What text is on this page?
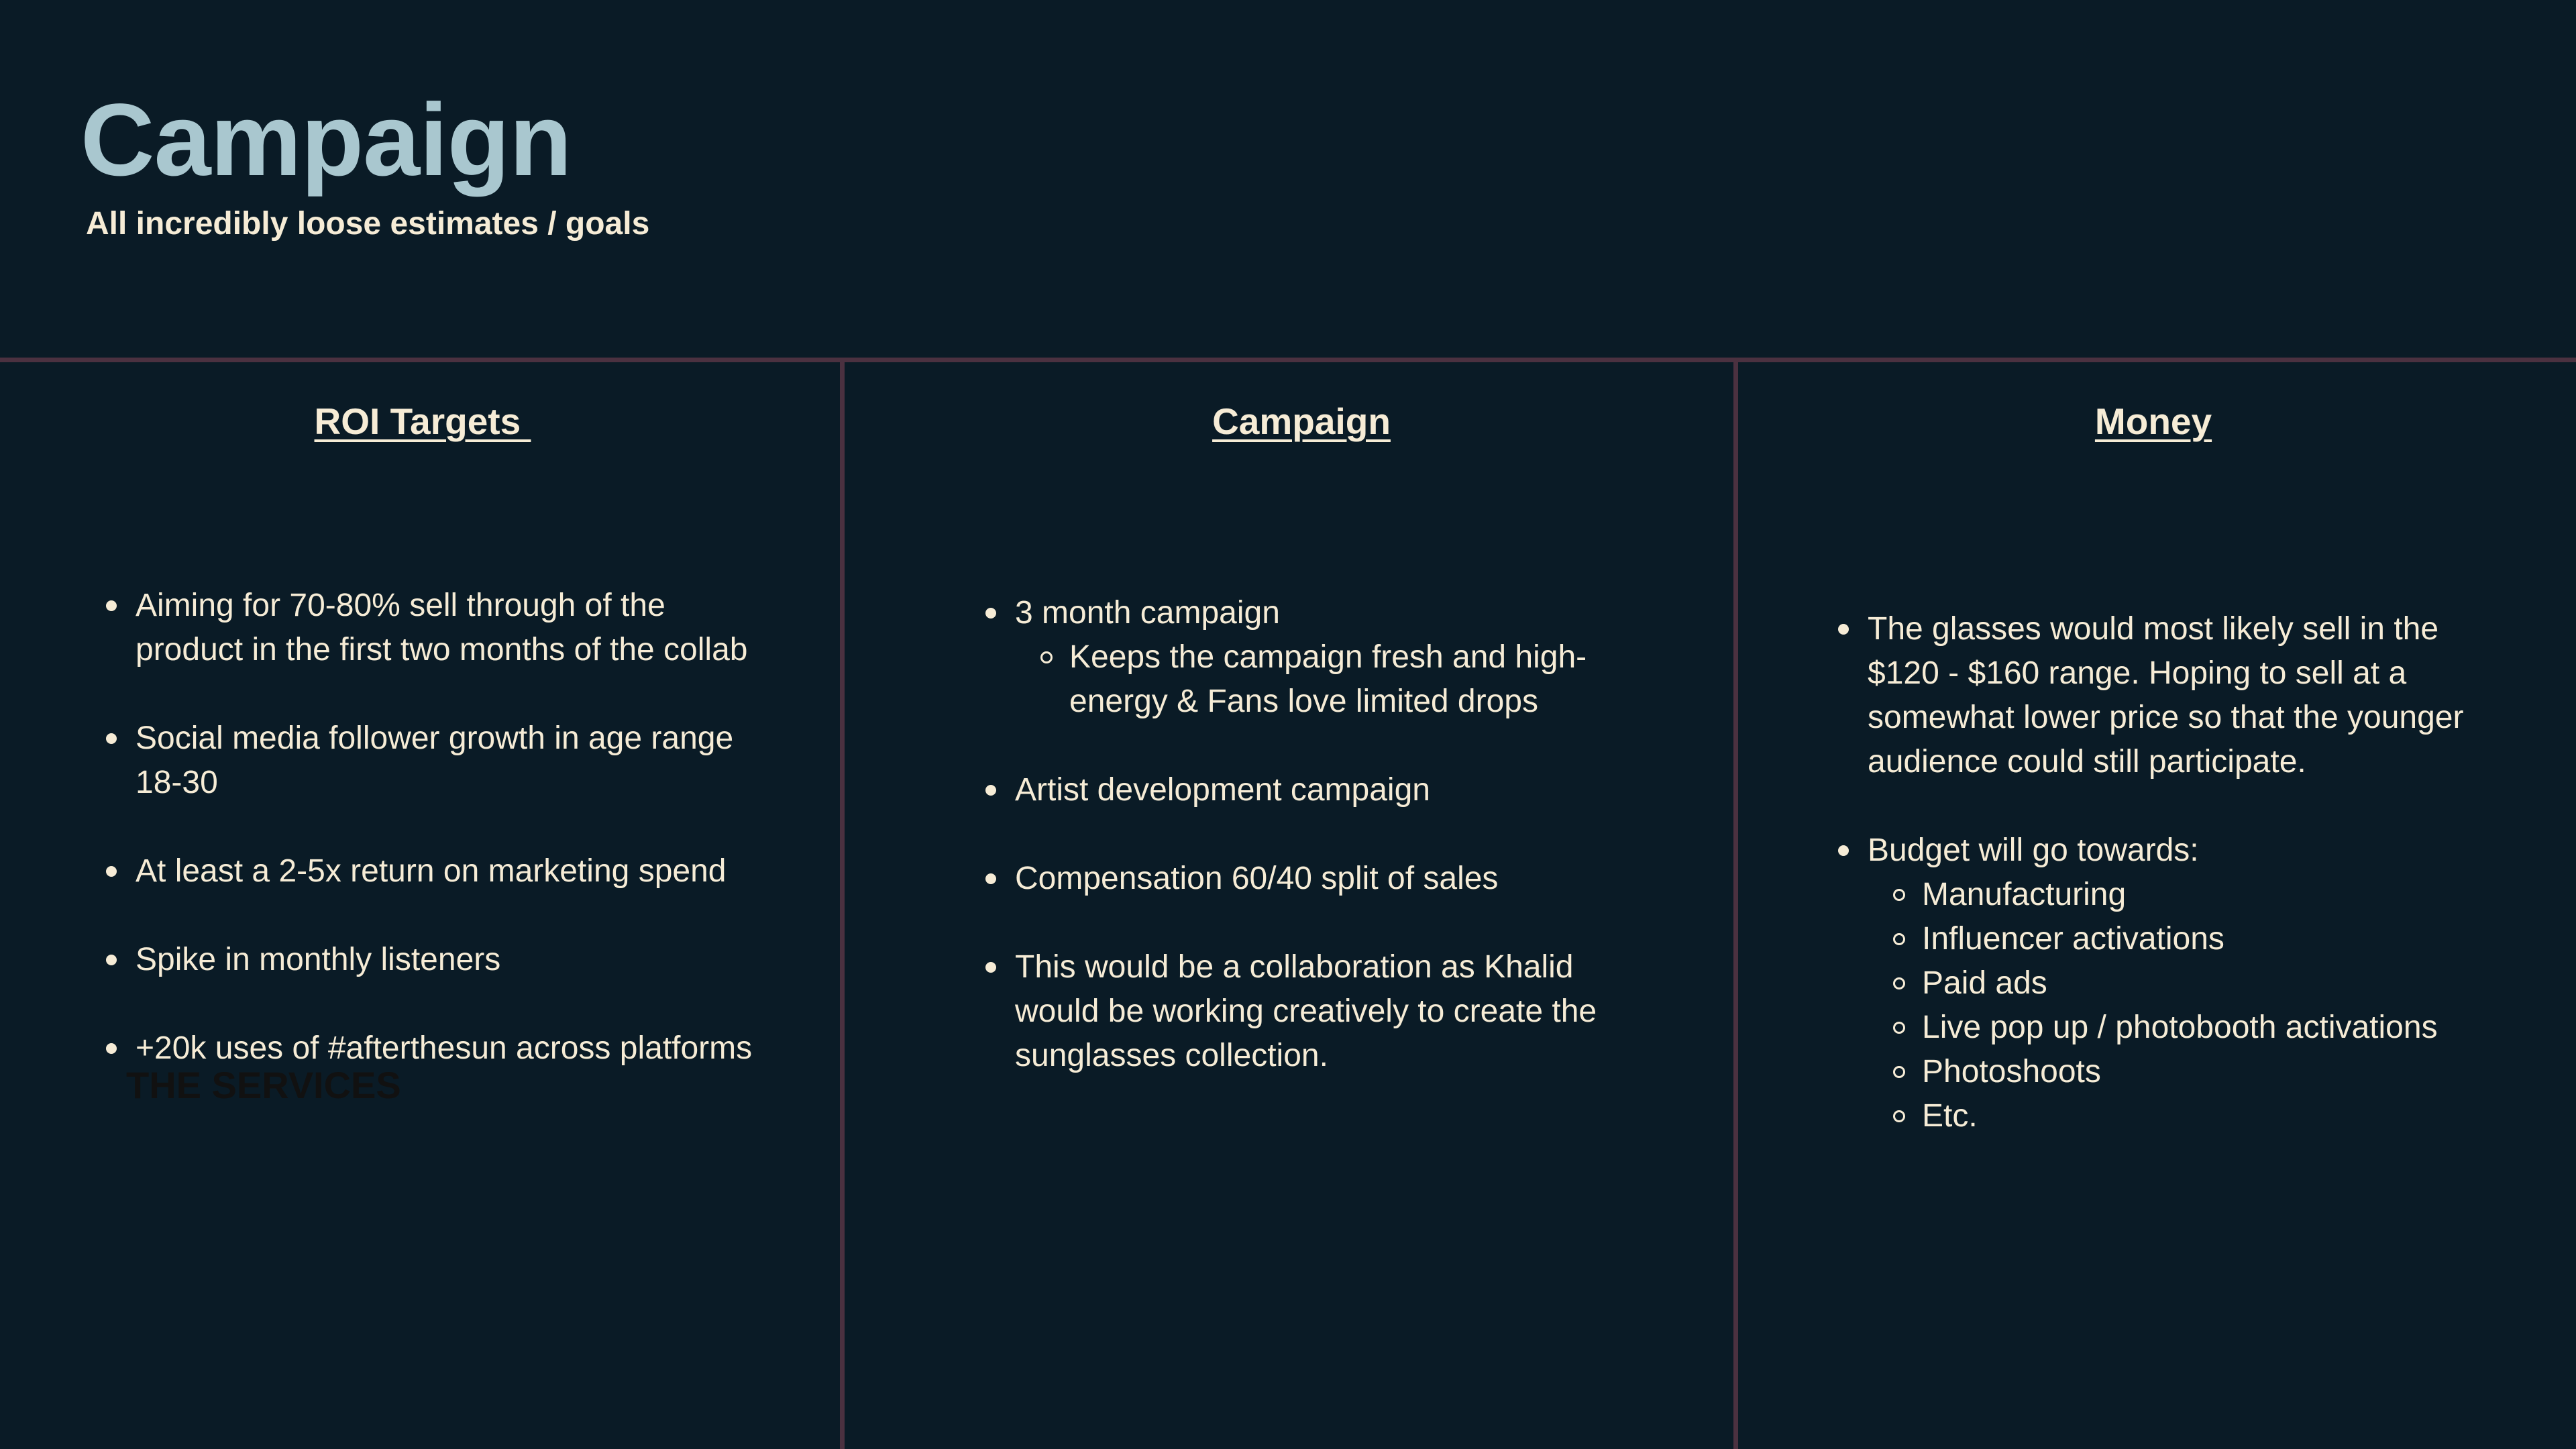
Campaign

All incredibly loose estimates / goals

THE SERVICES
ROI Targets
Aiming for 70-80% sell through of the product in the first two months of the collab
Social media follower growth in age range 18-30
At least a 2-5x return on marketing spend
Spike in monthly listeners
+20k uses of #afterthesun across platforms
Campaign
3 month campaign
Keeps the campaign fresh and high-energy & Fans love limited drops
Artist development campaign
Compensation 60/40 split of sales
This would be a collaboration as Khalid would be working creatively to create the sunglasses collection.
Money
The glasses would most likely sell in the $120 - $160 range. Hoping to sell at a somewhat lower price so that the younger audience could still participate.
Budget will go towards:
Manufacturing
Influencer activations
Paid ads
Live pop up / photobooth activations
Photoshoots
Etc.
